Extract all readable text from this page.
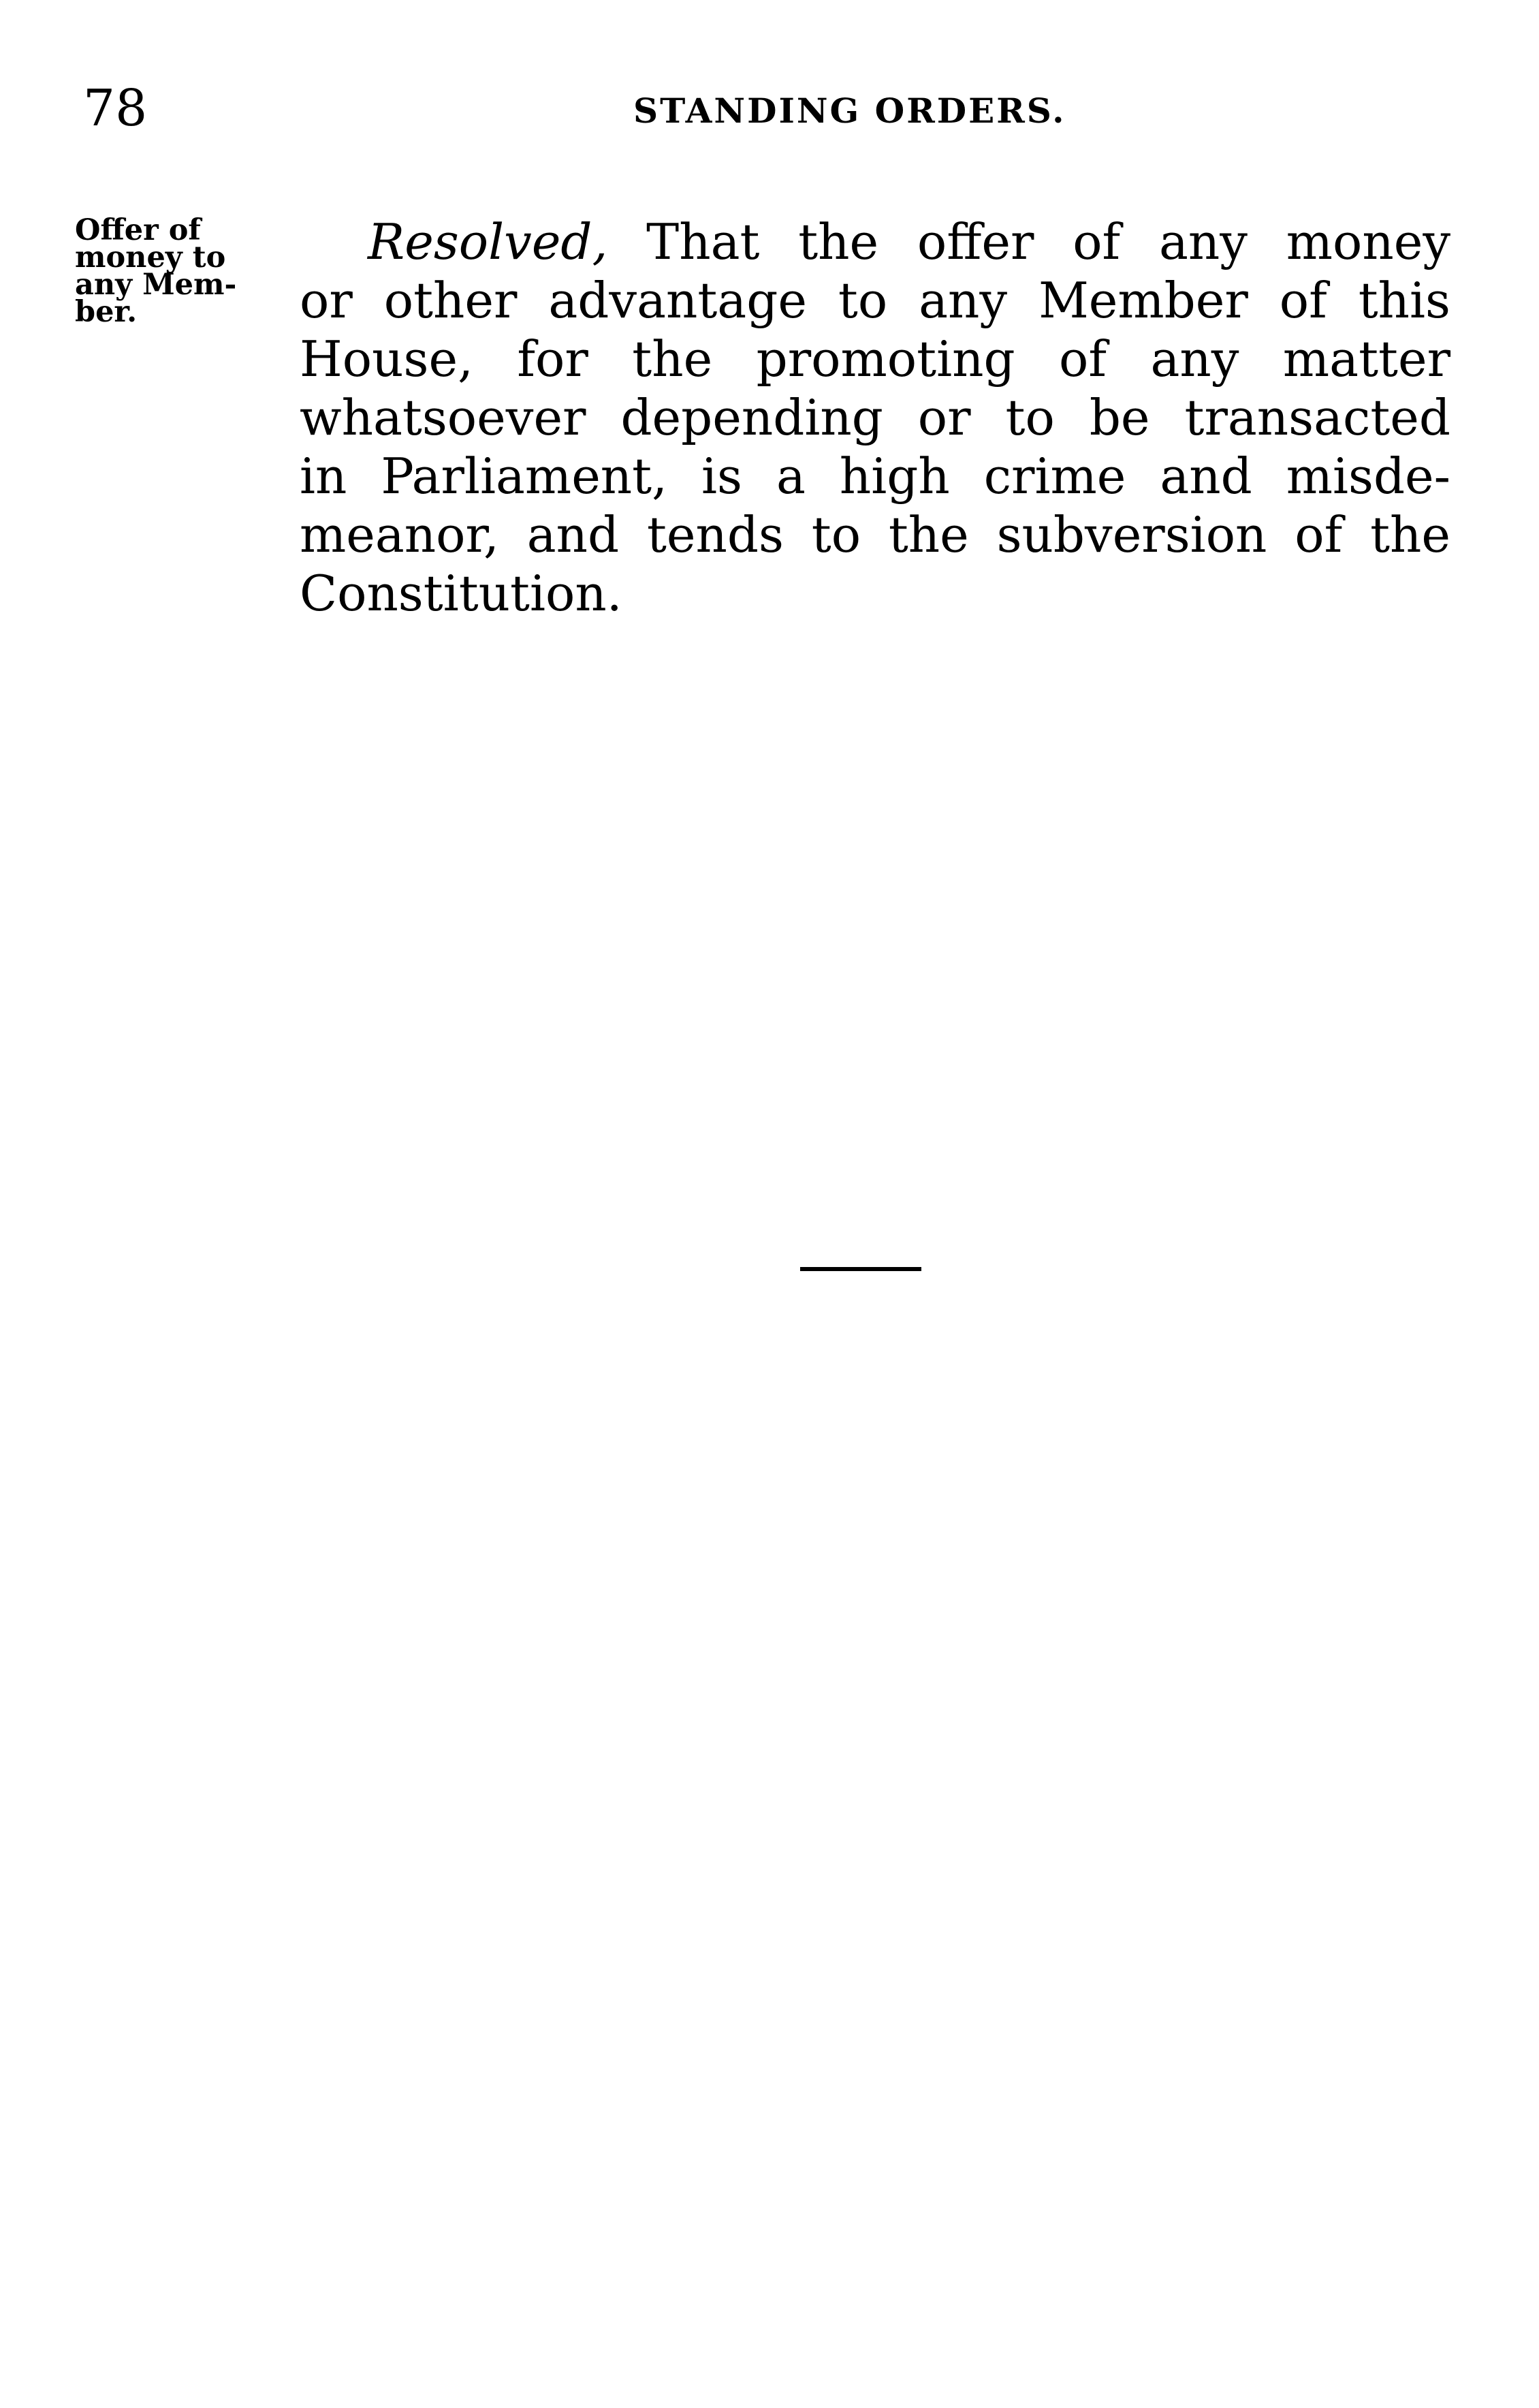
78	STANDING ORDERS.
Offer of
money to
any Mem-
ber.
Resolved, That the offer of any money
or other advantage to any Member of this
House, for the promoting of any matter
whatsoever depending or to be transacted
in Parliament, is a high crime and misde-
meanor, and tends to the subversion of the
Constitution.
